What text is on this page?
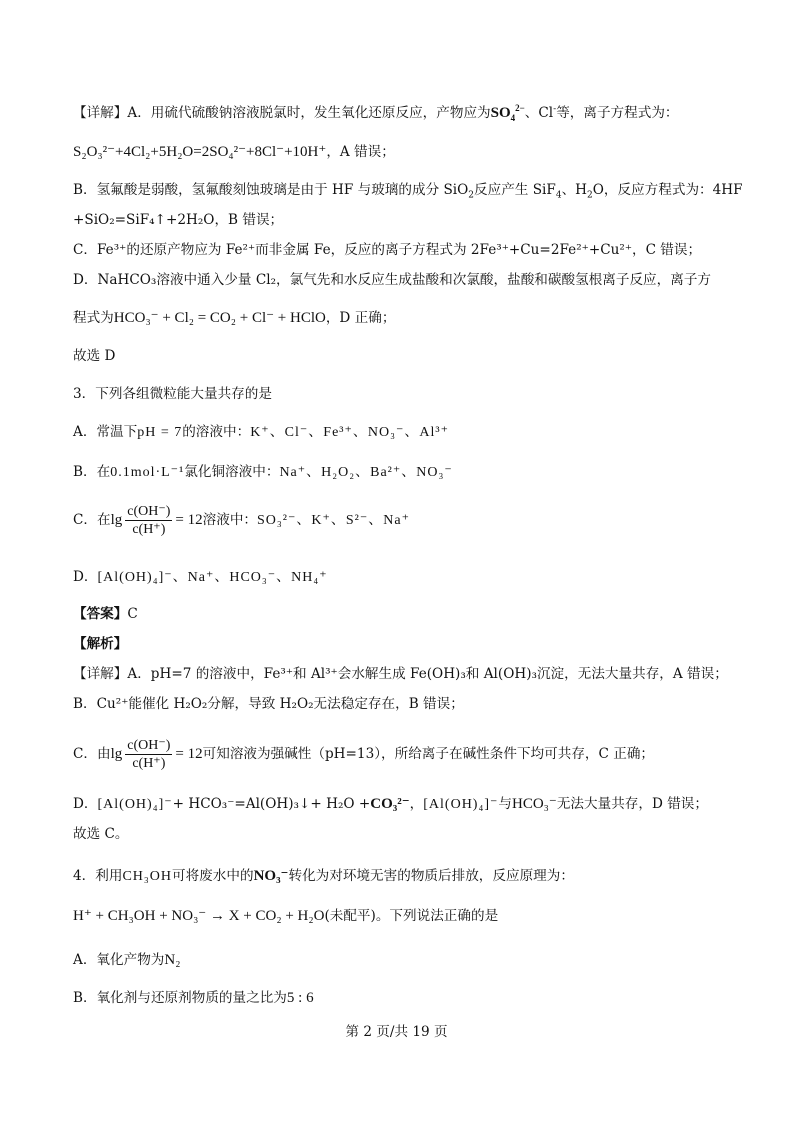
【详解】A．用硫代硫酸钠溶液脱氯时，发生氧化还原反应，产物应为$SO_4^{2-}$、Cl-等，离子方程式为：
S₂O₃²⁻+4Cl₂+5H₂O=2SO₄²⁻+8Cl⁻+10H⁺，A 错误；
B．氢氟酸是弱酸，氢氟酸刻蚀玻璃是由于 HF 与玻璃的成分 SiO$_2$反应产生 SiF$_4$、$H_2O$，反应方程式为：4HF
+SiO₂=SiF₄↑+2H₂O，B 错误；
C．Fe³⁺的还原产物应为 Fe²⁺而非金属 Fe，反应的离子方程式为 2Fe³⁺+Cu=2Fe²⁺+Cu²⁺，C 错误；
D．NaHCO₃溶液中通入少量 Cl₂，氯气先和水反应生成盐酸和次氯酸，盐酸和碳酸氢根离子反应，离子方
程式为HCO₃⁻ + Cl₂ = CO₂ + Cl⁻ + HClO，D 正确；
故选 D
3．下列各组微粒能大量共存的是
A．常温下pH = 7的溶液中：K⁺、Cl⁻、Fe³⁺、NO₃⁻、Al³⁺
B．在0.1mol·L⁻¹氯化铜溶液中：Na⁺、H₂O₂、Ba²⁺、NO₃⁻
C．在$\lg \frac{c(OH^-)}{c(H^+)} = 12$溶液中：SO₃²⁻、K⁺、S²⁻、Na⁺
D．[Al(OH)₄]⁻、Na⁺、HCO₃⁻、NH₄⁺
【答案】C
【解析】
【详解】A．pH=7 的溶液中，Fe³⁺和 Al³⁺会水解生成 Fe(OH)₃和 Al(OH)₃沉淀，无法大量共存，A 错误；
B．Cu²⁺能催化 H₂O₂分解，导致 H₂O₂无法稳定存在，B 错误；
C．由$\lg \frac{c(OH^-)}{c(H^+)} = 12$可知溶液为强碱性（pH=13），所给离子在碱性条件下均可共存，C 正确；
D．[Al(OH)₄]⁻+ HCO₃⁻=Al(OH)₃↓+ H₂O +CO₃²⁻，[Al(OH)₄]⁻与HCO₃⁻无法大量共存，D 错误；
故选 C。
4．利用CH₃OH可将废水中的NO₃⁻转化为对环境无害的物质后排放，反应原理为：
H⁺ + CH₃OH + NO₃⁻ → X + CO₂ + H₂O(未配平)。下列说法正确的是
A．氧化产物为N₂
B．氧化剂与还原剂物质的量之比为5 : 6
第 2 页/共 19 页
